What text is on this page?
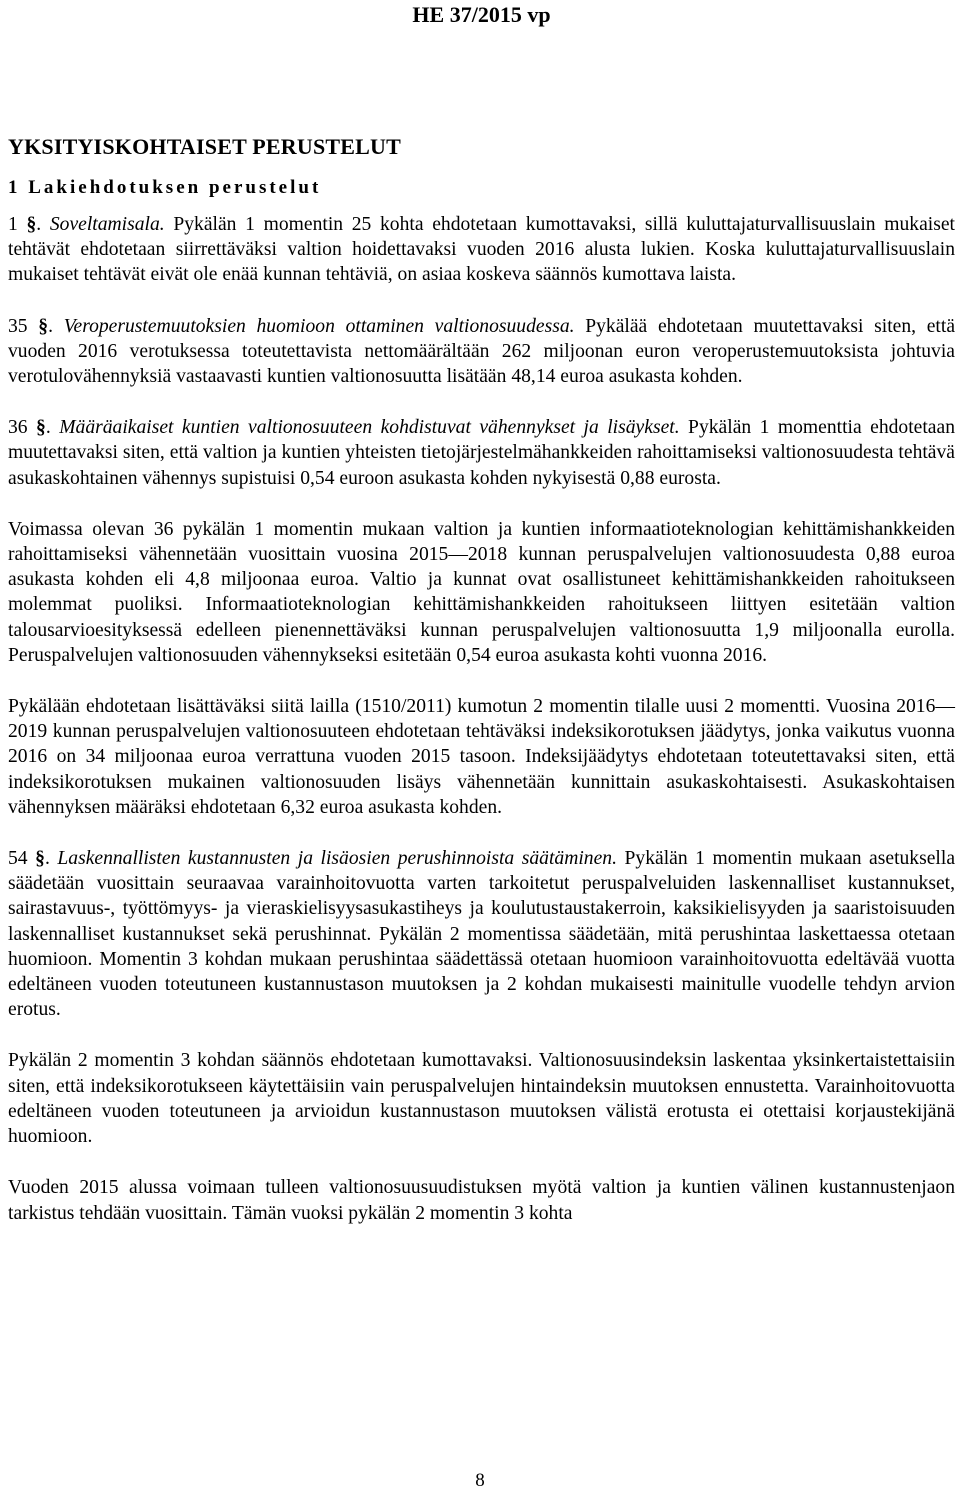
HE 37/2015 vp
YKSITYISKOHTAISET PERUSTELUT
1 Lakiehdotuksen perustelut

1 §. Soveltamisala. Pykälän 1 momentin 25 kohta ehdotetaan kumottavaksi, sillä kuluttajaturvallisuuslain mukaiset tehtävät ehdotetaan siirrettäväksi valtion hoidettavaksi vuoden 2016 alusta lukien. Koska kuluttajaturvallisuuslain mukaiset tehtävät eivät ole enää kunnan tehtäviä, on asiaa koskeva säännös kumottava laista.

35 §. Veroperustemuutoksien huomioon ottaminen valtionosuudessa. Pykälää ehdotetaan muutettavaksi siten, että vuoden 2016 verotuksessa toteutettavista nettomäärältään 262 miljoonan euron veroperustemuutoksista johtuvia verotulovähennyksiä vastaavasti kuntien valtionosuutta lisätään 48,14 euroa asukasta kohden.

36 §. Määräaikaiset kuntien valtionosuuteen kohdistuvat vähennykset ja lisäykset. Pykälän 1 momenttia ehdotetaan muutettavaksi siten, että valtion ja kuntien yhteisten tietojärjestelmähankkeiden rahoittamiseksi valtionosuudesta tehtävä asukaskohtainen vähennys supistuisi 0,54 euroon asukasta kohden nykyisestä 0,88 eurosta.

Voimassa olevan 36 pykälän 1 momentin mukaan valtion ja kuntien informaatioteknologian kehittämishankkeiden rahoittamiseksi vähennetään vuosittain vuosina 2015—2018 kunnan peruspalvelujen valtionosuudesta 0,88 euroa asukasta kohden eli 4,8 miljoonaa euroa. Valtio ja kunnat ovat osallistuneet kehittämishankkeiden rahoitukseen molemmat puoliksi. Informaatioteknologian kehittämishankkeiden rahoitukseen liittyen esitetään valtion talousarvioesityksessä edelleen pienennettäväksi kunnan peruspalvelujen valtionosuutta 1,9 miljoonalla eurolla. Peruspalvelujen valtionosuuden vähennykseksi esitetään 0,54 euroa asukasta kohti vuonna 2016.

Pykälään ehdotetaan lisättäväksi siitä lailla (1510/2011) kumotun 2 momentin tilalle uusi 2 momentti. Vuosina 2016—2019 kunnan peruspalvelujen valtionosuuteen ehdotetaan tehtäväksi indeksikorotuksen jäädytys, jonka vaikutus vuonna 2016 on 34 miljoonaa euroa verrattuna vuoden 2015 tasoon. Indeksijäädytys ehdotetaan toteutettavaksi siten, että indeksikorotuksen mukainen valtionosuuden lisäys vähennetään kunnittain asukaskohtaisesti. Asukaskohtaisen vähennyksen määräksi ehdotetaan 6,32 euroa asukasta kohden.

54 §. Laskennallisten kustannusten ja lisäosien perushinnoista säätäminen. Pykälän 1 momentin mukaan asetuksella säädetään vuosittain seuraavaa varainhoitovuotta varten tarkoitetut peruspalveluiden laskennalliset kustannukset, sairastavuus-, työttömyys- ja vieraskielisyysasukastiheys ja koulutustaustakerroin, kaksikielisyyden ja saaristoisuuden laskennalliset kustannukset sekä perushinnat. Pykälän 2 momentissa säädetään, mitä perushintaa laskettaessa otetaan huomioon. Momentin 3 kohdan mukaan perushintaa säädettässä otetaan huomioon varainhoitovuotta edeltävää vuotta edeltäneen vuoden toteutuneen kustannustason muutoksen ja 2 kohdan mukaisesti mainitulle vuodelle tehdyn arvion erotus.

Pykälän 2 momentin 3 kohdan säännös ehdotetaan kumottavaksi. Valtionosuusindeksin laskentaa yksinkertaistettaisiin siten, että indeksikorotukseen käytettäisiin vain peruspalvelujen hintaindeksin muutoksen ennustetta. Varainhoitovuotta edeltäneen vuoden toteutuneen ja arvioidun kustannustason muutoksen välistä erotusta ei otettaisi korjaustekijänä huomioon.

Vuoden 2015 alussa voimaan tulleen valtionosuusuudistuksen myötä valtion ja kuntien välinen kustannustenjaon tarkistus tehdään vuosittain. Tämän vuoksi pykälän 2 momentin 3 kohta

8
